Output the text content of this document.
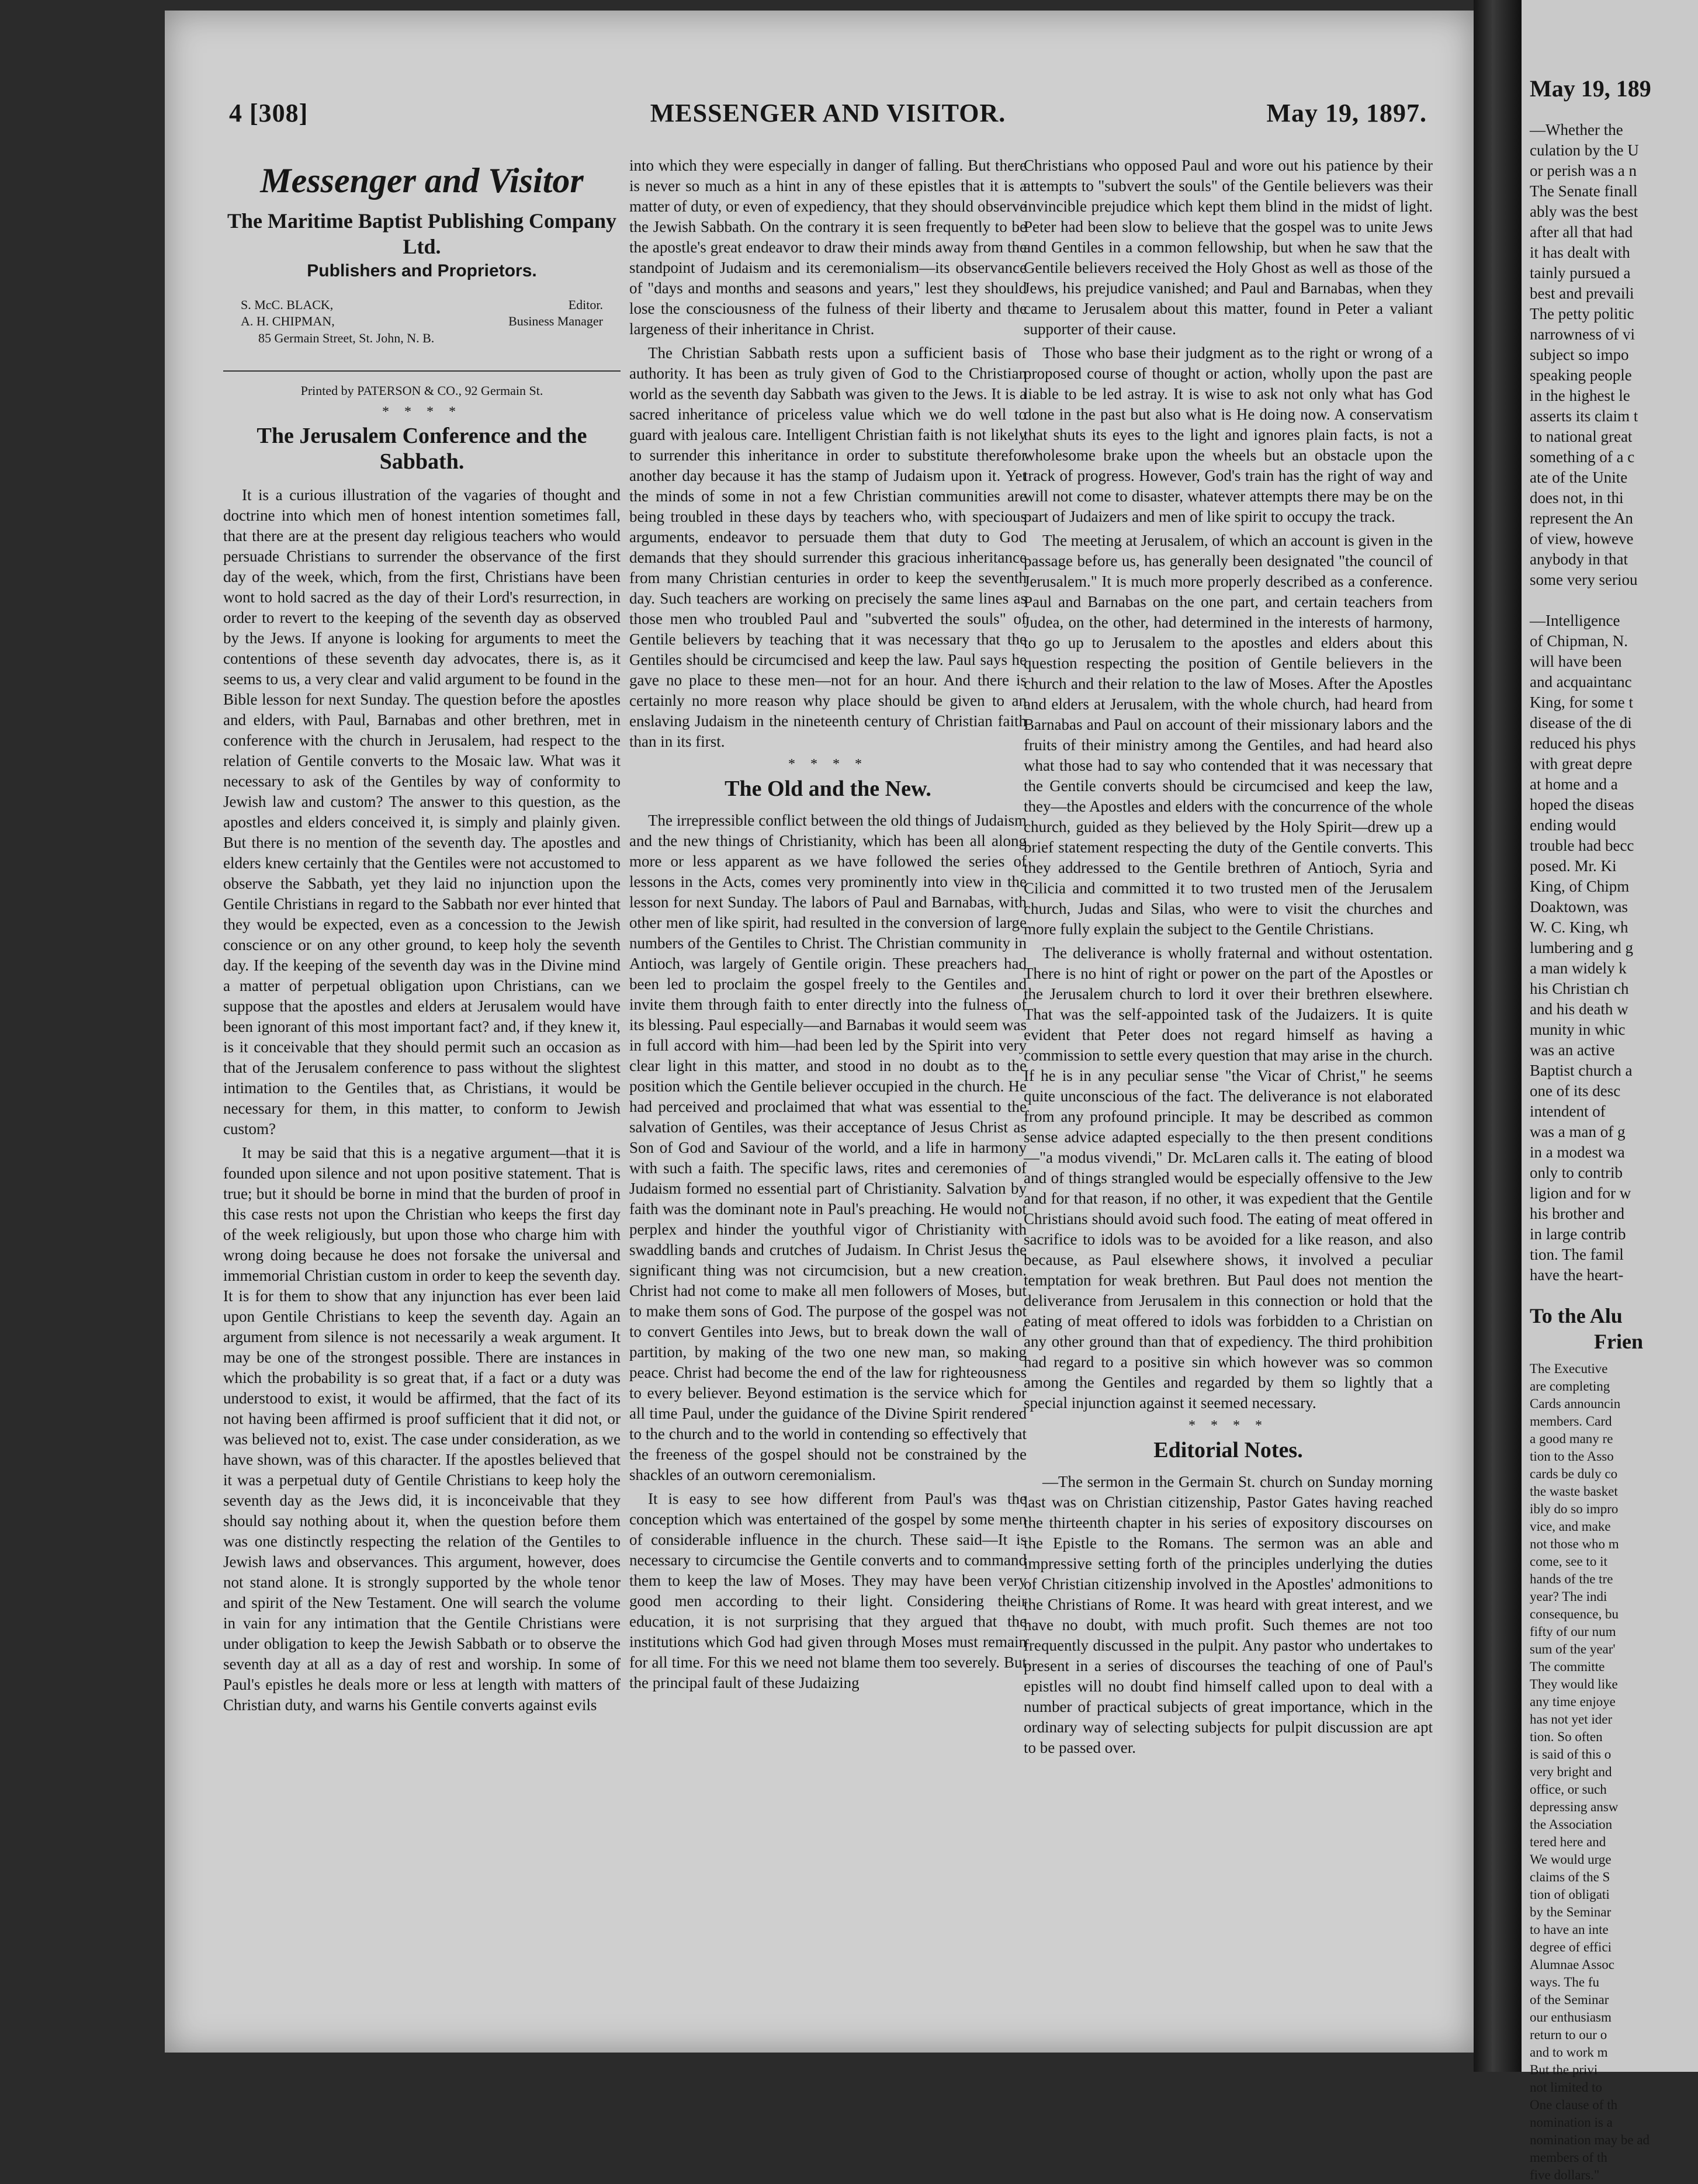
4 [308]	MESSENGER AND VISITOR.	May 19, 1897.
Messenger and Visitor
The Maritime Baptist Publishing Company Ltd.
Publishers and Proprietors.
S. McC. BLACK,	Editor.
A. H. CHIPMAN,	Business Manager
85 Germain Street, St. John, N. B.
Printed by PATERSON & CO., 92 Germain St.
* * * *
The Jerusalem Conference and the Sabbath.

It is a curious illustration of the vagaries of thought and doctrine into which men of honest intention sometimes fall, that there are at the present day religious teachers who would persuade Christians to surrender the observance of the first day of the week, which, from the first, Christians have been wont to hold sacred as the day of their Lord's resurrection, in order to revert to the keeping of the seventh day as observed by the Jews. If anyone is looking for arguments to meet the contentions of these seventh day advocates, there is, as it seems to us, a very clear and valid argument to be found in the Bible lesson for next Sunday. The question before the apostles and elders, with Paul, Barnabas and other brethren, met in conference with the church in Jerusalem, had respect to the relation of Gentile converts to the Mosaic law. What was it necessary to ask of the Gentiles by way of conformity to Jewish law and custom? The answer to this question, as the apostles and elders conceived it, is simply and plainly given. But there is no mention of the seventh day. The apostles and elders knew certainly that the Gentiles were not accustomed to observe the Sabbath, yet they laid no injunction upon the Gentile Christians in regard to the Sabbath nor ever hinted that they would be expected, even as a concession to the Jewish conscience or on any other ground, to keep holy the seventh day. If the keeping of the seventh day was in the Divine mind a matter of perpetual obligation upon Christians, can we suppose that the apostles and elders at Jerusalem would have been ignorant of this most important fact? and, if they knew it, is it conceivable that they should permit such an occasion as that of the Jerusalem conference to pass without the slightest intimation to the Gentiles that, as Christians, it would be necessary for them, in this matter, to conform to Jewish custom?

It may be said that this is a negative argument—that it is founded upon silence and not upon positive statement. That is true; but it should be borne in mind that the burden of proof in this case rests not upon the Christian who keeps the first day of the week religiously, but upon those who charge him with wrong doing because he does not forsake the universal and immemorial Christian custom in order to keep the seventh day. It is for them to show that any injunction has ever been laid upon Gentile Christians to keep the seventh day. Again an argument from silence is not necessarily a weak argument. It may be one of the strongest possible. There are instances in which the probability is so great that, if a fact or a duty was understood to exist, it would be affirmed, that the fact of its not having been affirmed is proof sufficient that it did not, or was believed not to, exist. The case under consideration, as we have shown, was of this character. If the apostles believed that it was a perpetual duty of Gentile Christians to keep holy the seventh day as the Jews did, it is inconceivable that they should say nothing about it, when the question before them was one distinctly respecting the relation of the Gentiles to Jewish laws and observances. This argument, however, does not stand alone. It is strongly supported by the whole tenor and spirit of the New Testament. One will search the volume in vain for any intimation that the Gentile Christians were under obligation to keep the Jewish Sabbath or to observe the seventh day at all as a day of rest and worship. In some of Paul's epistles he deals more or less at length with matters of Christian duty, and warns his Gentile converts against evils

into which they were especially in danger of falling. But there is never so much as a hint in any of these epistles that it is a matter of duty, or even of expediency, that they should observe the Jewish Sabbath. On the contrary it is seen frequently to be the apostle's great endeavor to draw their minds away from the standpoint of Judaism and its ceremonialism—its observance of "days and months and seasons and years," lest they should lose the consciousness of the fulness of their liberty and the largeness of their inheritance in Christ.

The Christian Sabbath rests upon a sufficient basis of authority. It has been as truly given of God to the Christian world as the seventh day Sabbath was given to the Jews. It is a sacred inheritance of priceless value which we do well to guard with jealous care. Intelligent Christian faith is not likely to surrender this inheritance in order to substitute therefor another day because it has the stamp of Judaism upon it. Yet the minds of some in not a few Christian communities are being troubled in these days by teachers who, with specious arguments, endeavor to persuade them that duty to God demands that they should surrender this gracious inheritance from many Christian centuries in order to keep the seventh day. Such teachers are working on precisely the same lines as those men who troubled Paul and "subverted the souls" of Gentile believers by teaching that it was necessary that the Gentiles should be circumcised and keep the law. Paul says he gave no place to these men—not for an hour. And there is certainly no more reason why place should be given to an enslaving Judaism in the nineteenth century of Christian faith than in its first.

* * * *
The Old and the New.

The irrepressible conflict between the old things of Judaism and the new things of Christianity, which has been all along more or less apparent as we have followed the series of lessons in the Acts, comes very prominently into view in the lesson for next Sunday. The labors of Paul and Barnabas, with other men of like spirit, had resulted in the conversion of large numbers of the Gentiles to Christ. The Christian community in Antioch, was largely of Gentile origin. These preachers had been led to proclaim the gospel freely to the Gentiles and invite them through faith to enter directly into the fulness of its blessing. Paul especially—and Barnabas it would seem was in full accord with him—had been led by the Spirit into very clear light in this matter, and stood in no doubt as to the position which the Gentile believer occupied in the church. He had perceived and proclaimed that what was essential to the salvation of Gentiles, was their acceptance of Jesus Christ as Son of God and Saviour of the world, and a life in harmony with such a faith. The specific laws, rites and ceremonies of Judaism formed no essential part of Christianity. Salvation by faith was the dominant note in Paul's preaching. He would not perplex and hinder the youthful vigor of Christianity with swaddling bands and crutches of Judaism. In Christ Jesus the significant thing was not circumcision, but a new creation. Christ had not come to make all men followers of Moses, but to make them sons of God. The purpose of the gospel was not to convert Gentiles into Jews, but to break down the wall of partition, by making of the two one new man, so making peace. Christ had become the end of the law for righteousness to every believer. Beyond estimation is the service which for all time Paul, under the guidance of the Divine Spirit rendered to the church and to the world in contending so effectively that the freeness of the gospel should not be constrained by the shackles of an outworn ceremonialism.

It is easy to see how different from Paul's was the conception which was entertained of the gospel by some men of considerable influence in the church. These said—It is necessary to circumcise the Gentile converts and to command them to keep the law of Moses. They may have been very good men according to their light. Considering their education, it is not surprising that they argued that the institutions which God had given through Moses must remain for all time. For this we need not blame them too severely. But the principal fault of these Judaizing

Christians who opposed Paul and wore out his patience by their attempts to "subvert the souls" of the Gentile believers was their invincible prejudice which kept them blind in the midst of light. Peter had been slow to believe that the gospel was to unite Jews and Gentiles in a common fellowship, but when he saw that the Gentile believers received the Holy Ghost as well as those of the Jews, his prejudice vanished; and Paul and Barnabas, when they came to Jerusalem about this matter, found in Peter a valiant supporter of their cause.

Those who base their judgment as to the right or wrong of a proposed course of thought or action, wholly upon the past are liable to be led astray. It is wise to ask not only what has God done in the past but also what is He doing now. A conservatism that shuts its eyes to the light and ignores plain facts, is not a wholesome brake upon the wheels but an obstacle upon the track of progress. However, God's train has the right of way and will not come to disaster, whatever attempts there may be on the part of Judaizers and men of like spirit to occupy the track.

The meeting at Jerusalem, of which an account is given in the passage before us, has generally been designated "the council of Jerusalem." It is much more properly described as a conference. Paul and Barnabas on the one part, and certain teachers from Judea, on the other, had determined in the interests of harmony, to go up to Jerusalem to the apostles and elders about this question respecting the position of Gentile believers in the church and their relation to the law of Moses. After the Apostles and elders at Jerusalem, with the whole church, had heard from Barnabas and Paul on account of their missionary labors and the fruits of their ministry among the Gentiles, and had heard also what those had to say who contended that it was necessary that the Gentile converts should be circumcised and keep the law, they—the Apostles and elders with the concurrence of the whole church, guided as they believed by the Holy Spirit—drew up a brief statement respecting the duty of the Gentile converts. This they addressed to the Gentile brethren of Antioch, Syria and Cilicia and committed it to two trusted men of the Jerusalem church, Judas and Silas, who were to visit the churches and more fully explain the subject to the Gentile Christians.

The deliverance is wholly fraternal and without ostentation. There is no hint of right or power on the part of the Apostles or the Jerusalem church to lord it over their brethren elsewhere. That was the self-appointed task of the Judaizers. It is quite evident that Peter does not regard himself as having a commission to settle every question that may arise in the church. If he is in any peculiar sense "the Vicar of Christ," he seems quite unconscious of the fact. The deliverance is not elaborated from any profound principle. It may be described as common sense advice adapted especially to the then present conditions—"a modus vivendi," Dr. McLaren calls it. The eating of blood and of things strangled would be especially offensive to the Jew and for that reason, if no other, it was expedient that the Gentile Christians should avoid such food. The eating of meat offered in sacrifice to idols was to be avoided for a like reason, and also because, as Paul elsewhere shows, it involved a peculiar temptation for weak brethren. But Paul does not mention the deliverance from Jerusalem in this connection or hold that the eating of meat offered to idols was forbidden to a Christian on any other ground than that of expediency. The third prohibition had regard to a positive sin which however was so common among the Gentiles and regarded by them so lightly that a special injunction against it seemed necessary.

* * * *
Editorial Notes.

—The sermon in the Germain St. church on Sunday morning last was on Christian citizenship, Pastor Gates having reached the thirteenth chapter in his series of expository discourses on the Epistle to the Romans. The sermon was an able and impressive setting forth of the principles underlying the duties of Christian citizenship involved in the Apostles' admonitions to the Christians of Rome. It was heard with great interest, and we have no doubt, with much profit. Such themes are not too frequently discussed in the pulpit. Any pastor who undertakes to present in a series of discourses the teaching of one of Paul's epistles will no doubt find himself called upon to deal with a number of practical subjects of great importance, which in the ordinary way of selecting subjects for pulpit discussion are apt to be passed over.

May 19, 189
—Whether the
culation by the U
or perish was a n
The Senate finall
ably was the best
after all that had
it has dealt with
tainly pursued a
best and prevaili
The petty politic
narrowness of vi
subject so impo
speaking people
in the highest le
asserts its claim t
to national great
something of a c
ate of the Unite
does not, in thi
represent the An
of view, howeve
anybody in that
some very seriou

—Intelligence
of Chipman, N.
will have been
and acquaintanc
King, for some t
disease of the di
reduced his phys
with great depre
at home and a
hoped the diseas
ending would
trouble had becc
posed. Mr. Ki
King, of Chipm
Doaktown, was
W. C. King, wh
lumbering and g
a man widely k
his Christian ch
and his death w
munity in whic
was an active
Baptist church a
one of its desc
intendent of
was a man of g
in a modest wa
only to contrib
ligion and for w
his brother and
in large contrib
tion. The famil
have the heart-
To the Alu
Frien
The Executive
are completing
Cards announcin
members. Card
a good many re
tion to the Asso
cards be duly co
the waste basket
ibly do so impro
vice, and make
not those who m
come, see to it
hands of the tre
year? The indi
consequence, bu
fifty of our num
sum of the year'
The committe
They would like
any time enjoye
has not yet ider
tion. So often
is said of this o
very bright and
office, or such
depressing answ
the Association
tered here and
We would urge
claims of the S
tion of obligati
by the Seminar
to have an inte
degree of effici
Alumnae Assoc
ways. The fu
of the Seminar
our enthusiasm
return to our o
and to work m
But the privi
not limited to
One clause of th
nomination is a
nomination may be ad
members of th
five dollars."
